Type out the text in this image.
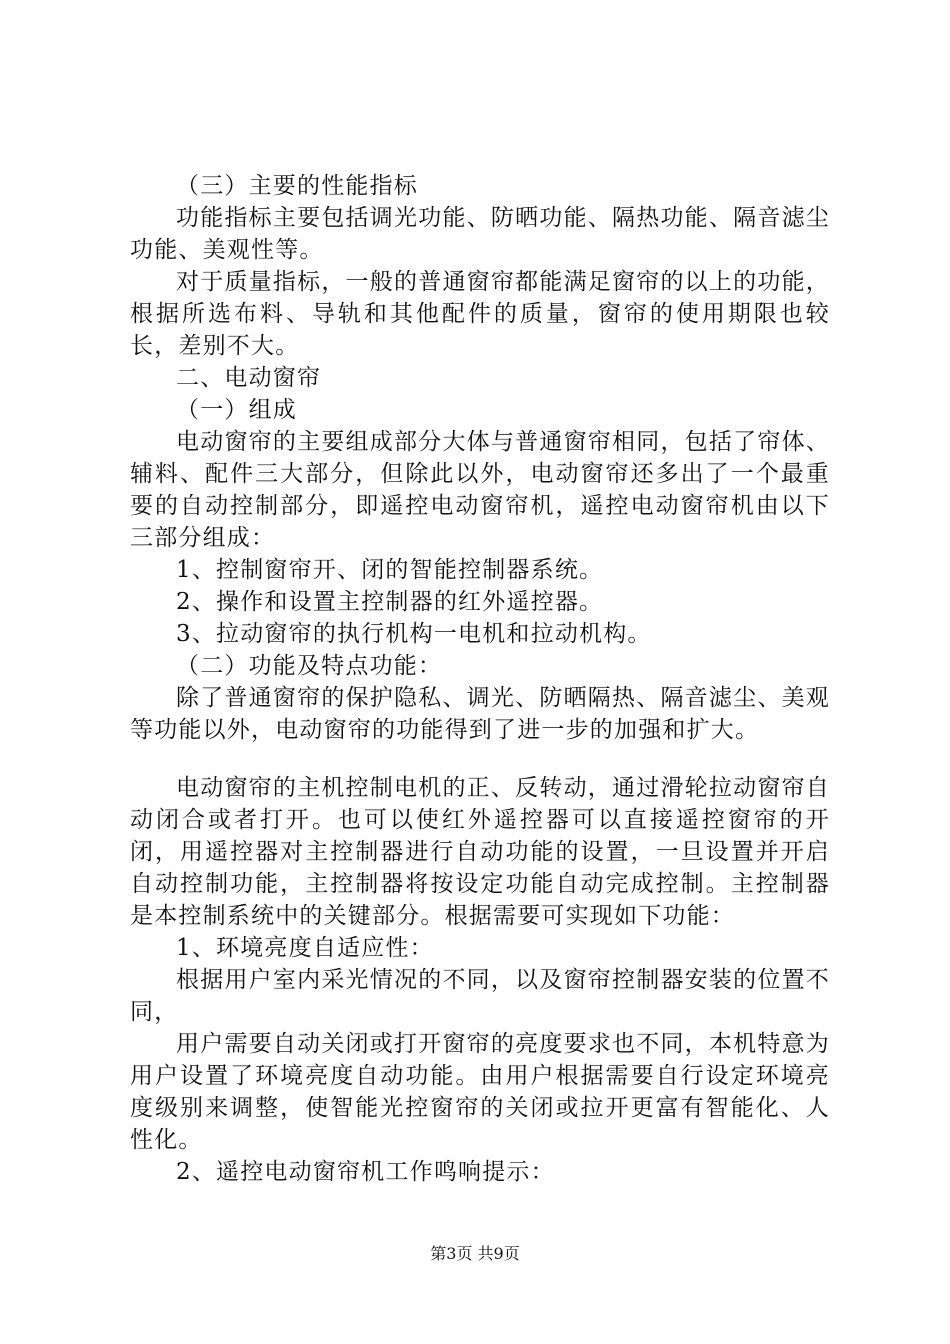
（三）主要的性能指标

功能指标主要包括调光功能、防晒功能、隔热功能、隔音滤尘功能、美观性等。

对于质量指标，一般的普通窗帘都能满足窗帘的以上的功能，根据所选布料、导轨和其他配件的质量，窗帘的使用期限也较长，差别不大。

二、电动窗帘

（一）组成

电动窗帘的主要组成部分大体与普通窗帘相同，包括了帘体、辅料、配件三大部分，但除此以外，电动窗帘还多出了一个最重要的自动控制部分，即遥控电动窗帘机，遥控电动窗帘机由以下三部分组成：

1、控制窗帘开、闭的智能控制器系统。

2、操作和设置主控制器的红外遥控器。

3、拉动窗帘的执行机构一电机和拉动机构。

（二）功能及特点功能：

除了普通窗帘的保护隐私、调光、防晒隔热、隔音滤尘、美观等功能以外，电动窗帘的功能得到了进一步的加强和扩大。

电动窗帘的主机控制电机的正、反转动，通过滑轮拉动窗帘自动闭合或者打开。也可以使红外遥控器可以直接遥控窗帘的开闭，用遥控器对主控制器进行自动功能的设置，一旦设置并开启自动控制功能，主控制器将按设定功能自动完成控制。主控制器是本控制系统中的关键部分。根据需要可实现如下功能：

1、环境亮度自适应性：

根据用户室内采光情况的不同，以及窗帘控制器安装的位置不同，

用户需要自动关闭或打开窗帘的亮度要求也不同，本机特意为用户设置了环境亮度自动功能。由用户根据需要自行设定环境亮度级别来调整，使智能光控窗帘的关闭或拉开更富有智能化、人性化。

2、遥控电动窗帘机工作鸣响提示：

第3页 共9页
